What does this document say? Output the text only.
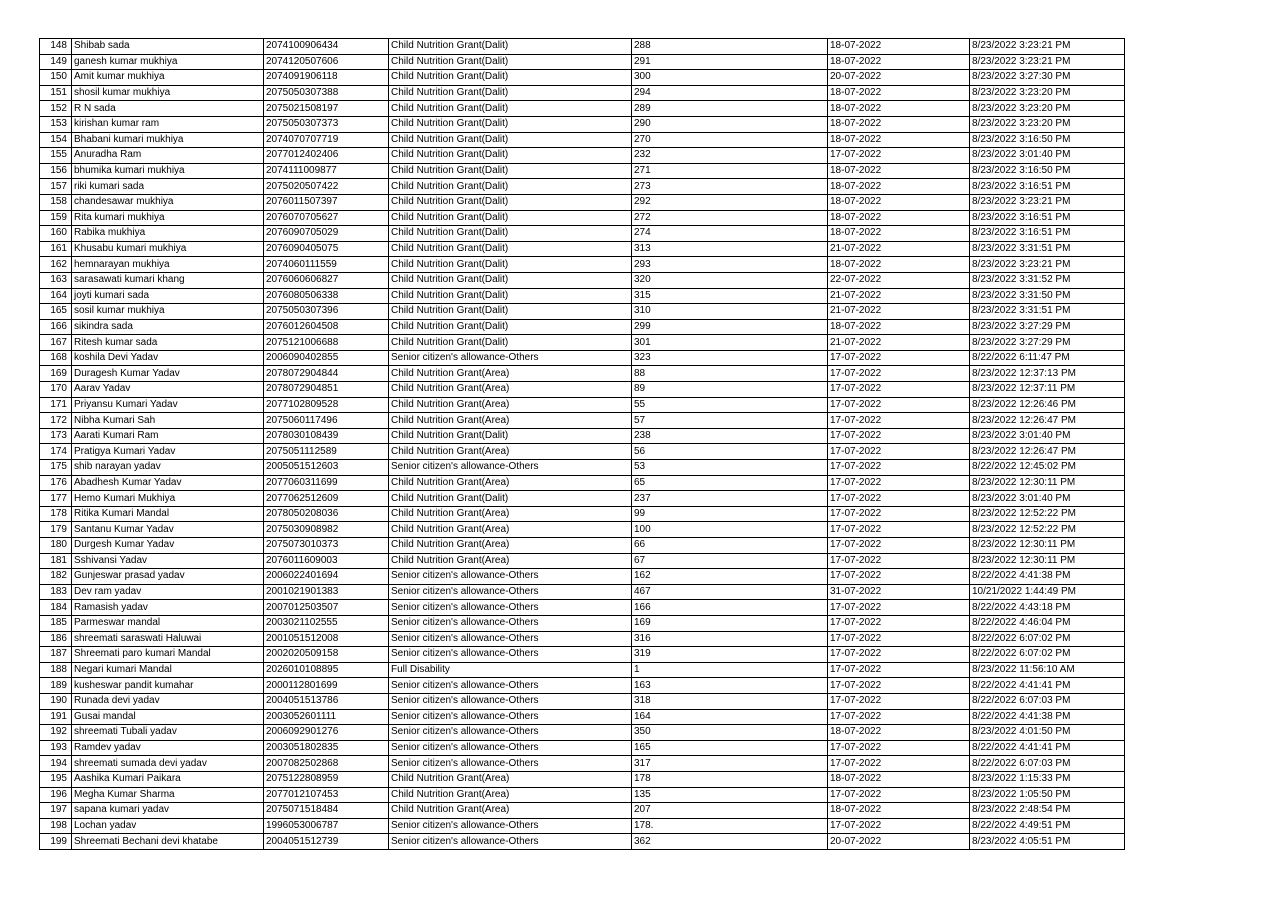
148	Shibab sada	2074100906434	Child Nutrition Grant(Dalit)	288	18-07-2022	8/23/2022 3:23:21 PM
149	ganesh kumar mukhiya	2074120507606	Child Nutrition Grant(Dalit)	291	18-07-2022	8/23/2022 3:23:21 PM
150	Amit kumar mukhiya	2074091906118	Child Nutrition Grant(Dalit)	300	20-07-2022	8/23/2022 3:27:30 PM
151	shosil kumar mukhiya	2075050307388	Child Nutrition Grant(Dalit)	294	18-07-2022	8/23/2022 3:23:20 PM
152	R N sada	2075021508197	Child Nutrition Grant(Dalit)	289	18-07-2022	8/23/2022 3:23:20 PM
153	kirishan kumar ram	2075050307373	Child Nutrition Grant(Dalit)	290	18-07-2022	8/23/2022 3:23:20 PM
154	Bhabani kumari mukhiya	2074070707719	Child Nutrition Grant(Dalit)	270	18-07-2022	8/23/2022 3:16:50 PM
155	Anuradha Ram	2077012402406	Child Nutrition Grant(Dalit)	232	17-07-2022	8/23/2022 3:01:40 PM
156	bhumika kumari mukhiya	2074111009877	Child Nutrition Grant(Dalit)	271	18-07-2022	8/23/2022 3:16:50 PM
157	riki kumari sada	2075020507422	Child Nutrition Grant(Dalit)	273	18-07-2022	8/23/2022 3:16:51 PM
158	chandesawar mukhiya	2076011507397	Child Nutrition Grant(Dalit)	292	18-07-2022	8/23/2022 3:23:21 PM
159	Rita kumari mukhiya	2076070705627	Child Nutrition Grant(Dalit)	272	18-07-2022	8/23/2022 3:16:51 PM
160	Rabika mukhiya	2076090705029	Child Nutrition Grant(Dalit)	274	18-07-2022	8/23/2022 3:16:51 PM
161	Khusabu kumari mukhiya	2076090405075	Child Nutrition Grant(Dalit)	313	21-07-2022	8/23/2022 3:31:51 PM
162	hemnarayan mukhiya	2074060111559	Child Nutrition Grant(Dalit)	293	18-07-2022	8/23/2022 3:23:21 PM
163	sarasawati kumari khang	2076060606827	Child Nutrition Grant(Dalit)	320	22-07-2022	8/23/2022 3:31:52 PM
164	joyti kumari sada	2076080506338	Child Nutrition Grant(Dalit)	315	21-07-2022	8/23/2022 3:31:50 PM
165	sosil kumar mukhiya	2075050307396	Child Nutrition Grant(Dalit)	310	21-07-2022	8/23/2022 3:31:51 PM
166	sikindra sada	2076012604508	Child Nutrition Grant(Dalit)	299	18-07-2022	8/23/2022 3:27:29 PM
167	Ritesh kumar sada	2075121006688	Child Nutrition Grant(Dalit)	301	21-07-2022	8/23/2022 3:27:29 PM
168	koshila Devi Yadav	2006090402855	Senior citizen's allowance-Others	323	17-07-2022	8/22/2022 6:11:47 PM
169	Duragesh Kumar Yadav	2078072904844	Child Nutrition Grant(Area)	88	17-07-2022	8/23/2022 12:37:13 PM
170	Aarav Yadav	2078072904851	Child Nutrition Grant(Area)	89	17-07-2022	8/23/2022 12:37:11 PM
171	Priyansu Kumari Yadav	2077102809528	Child Nutrition Grant(Area)	55	17-07-2022	8/23/2022 12:26:46 PM
172	Nibha Kumari Sah	2075060117496	Child Nutrition Grant(Area)	57	17-07-2022	8/23/2022 12:26:47 PM
173	Aarati Kumari Ram	2078030108439	Child Nutrition Grant(Dalit)	238	17-07-2022	8/23/2022 3:01:40 PM
174	Pratigya Kumari Yadav	2075051112589	Child Nutrition Grant(Area)	56	17-07-2022	8/23/2022 12:26:47 PM
175	shib narayan yadav	2005051512603	Senior citizen's allowance-Others	53	17-07-2022	8/22/2022 12:45:02 PM
176	Abadhesh Kumar Yadav	2077060311699	Child Nutrition Grant(Area)	65	17-07-2022	8/23/2022 12:30:11 PM
177	Hemo Kumari Mukhiya	2077062512609	Child Nutrition Grant(Dalit)	237	17-07-2022	8/23/2022 3:01:40 PM
178	Ritika Kumari Mandal	2078050208036	Child Nutrition Grant(Area)	99	17-07-2022	8/23/2022 12:52:22 PM
179	Santanu Kumar Yadav	2075030908982	Child Nutrition Grant(Area)	100	17-07-2022	8/23/2022 12:52:22 PM
180	Durgesh Kumar Yadav	2075073010373	Child Nutrition Grant(Area)	66	17-07-2022	8/23/2022 12:30:11 PM
181	Sshivansi Yadav	2076011609003	Child Nutrition Grant(Area)	67	17-07-2022	8/23/2022 12:30:11 PM
182	Gunjeswar prasad yadav	2006022401694	Senior citizen's allowance-Others	162	17-07-2022	8/22/2022 4:41:38 PM
183	Dev ram yadav	2001021901383	Senior citizen's allowance-Others	467	31-07-2022	10/21/2022 1:44:49 PM
184	Ramasish yadav	2007012503507	Senior citizen's allowance-Others	166	17-07-2022	8/22/2022 4:43:18 PM
185	Parmeswar mandal	2003021102555	Senior citizen's allowance-Others	169	17-07-2022	8/22/2022 4:46:04 PM
186	shreemati saraswati Haluwai	2001051512008	Senior citizen's allowance-Others	316	17-07-2022	8/22/2022 6:07:02 PM
187	Shreemati paro kumari Mandal	2002020509158	Senior citizen's allowance-Others	319	17-07-2022	8/22/2022 6:07:02 PM
188	Negari kumari Mandal	2026010108895	Full Disability	1	17-07-2022	8/23/2022 11:56:10 AM
189	kusheswar pandit kumahar	2000112801699	Senior citizen's allowance-Others	163	17-07-2022	8/22/2022 4:41:41 PM
190	Runada devi yadav	2004051513786	Senior citizen's allowance-Others	318	17-07-2022	8/22/2022 6:07:03 PM
191	Gusai mandal	2003052601111	Senior citizen's allowance-Others	164	17-07-2022	8/22/2022 4:41:38 PM
192	shreemati Tubali yadav	2006092901276	Senior citizen's allowance-Others	350	18-07-2022	8/23/2022 4:01:50 PM
193	Ramdev yadav	2003051802835	Senior citizen's allowance-Others	165	17-07-2022	8/22/2022 4:41:41 PM
194	shreemati sumada devi yadav	2007082502868	Senior citizen's allowance-Others	317	17-07-2022	8/22/2022 6:07:03 PM
195	Aashika Kumari Paikara	2075122808959	Child Nutrition Grant(Area)	178	18-07-2022	8/23/2022 1:15:33 PM
196	Megha Kumar Sharma	2077012107453	Child Nutrition Grant(Area)	135	17-07-2022	8/23/2022 1:05:50 PM
197	sapana kumari yadav	2075071518484	Child Nutrition Grant(Area)	207	18-07-2022	8/23/2022 2:48:54 PM
198	Lochan yadav	1996053006787	Senior citizen's allowance-Others	178.	17-07-2022	8/22/2022 4:49:51 PM
199	Shreemati Bechani devi khatabe	2004051512739	Senior citizen's allowance-Others	362	20-07-2022	8/23/2022 4:05:51 PM
